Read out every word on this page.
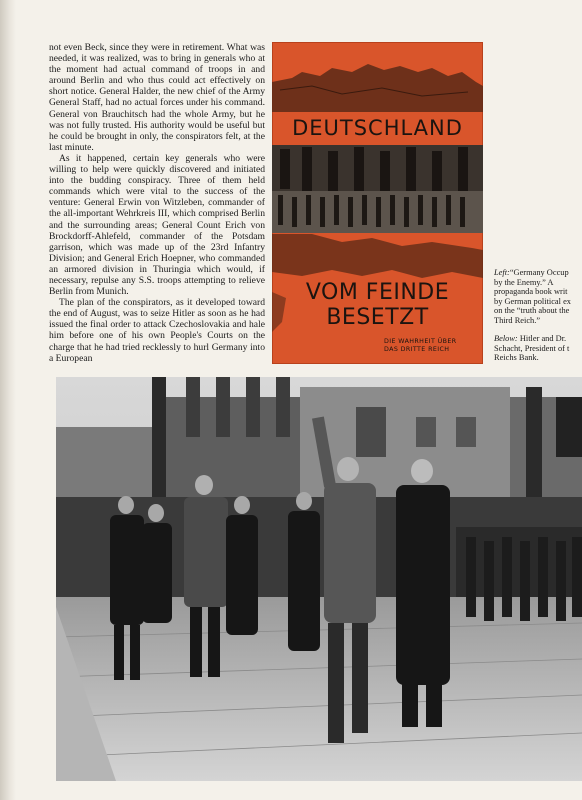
not even Beck, since they were in retirement. What was needed, it was realized, was to bring in generals who at the moment had actual command of troops in and around Berlin and who thus could act effectively on short notice. General Halder, the new chief of the Army General Staff, had no actual forces under his command. General von Brauchitsch had the whole Army, but he was not fully trusted. His authority would be useful but he could be brought in only, the conspirators felt, at the last minute.

As it happened, certain key generals who were willing to help were quickly discovered and initiated into the budding conspiracy. Three of them held commands which were vital to the success of the venture: General Erwin von Witzleben, commander of the all-important Wehrkreis III, which comprised Berlin and the surrounding areas; General Count Erich von Brockdorff-Ahlefeld, commander of the Potsdam garrison, which was made up of the 23rd Infantry Division; and General Erich Hoepner, who commanded an armored division in Thuringia which would, if necessary, repulse any S.S. troops attempting to relieve Berlin from Munich.

The plan of the conspirators, as it developed toward the end of August, was to seize Hitler as soon as he had issued the final order to attack Czechoslovakia and hale him before one of his own People's Courts on the charge that he had tried recklessly to hurl Germany into a European

DEUTSCHLAND
VOM FEINDE BESETZT
DIE WAHRHEIT ÜBER
DAS DRITTE REICH
Left:“Germany Occup
by the Enemy.” A
propaganda book writ
by German political ex
on the “truth about the
Third Reich.”
Below: Hitler and Dr.
Schacht, President of t
Reichs Bank.
